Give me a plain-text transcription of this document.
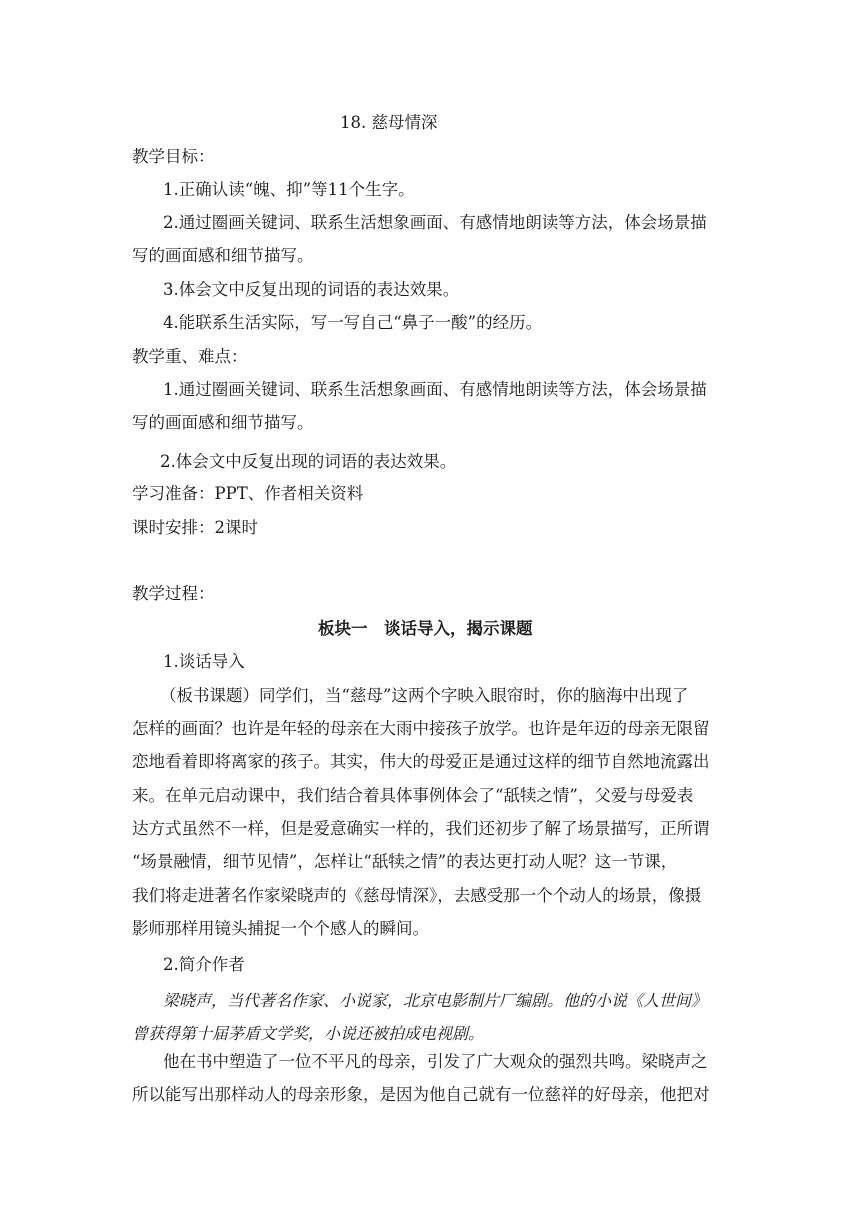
18. 慈母情深

教学目标：

1.正确认读“魄、抑”等11个生字。

2.通过圈画关键词、联系生活想象画面、有感情地朗读等方法，体会场景描

写的画面感和细节描写。

3.体会文中反复出现的词语的表达效果。

4.能联系生活实际，写一写自己“鼻子一酸”的经历。

教学重、难点：

1.通过圈画关键词、联系生活想象画面、有感情地朗读等方法，体会场景描

写的画面感和细节描写。

2.体会文中反复出现的词语的表达效果。

学习准备：PPT、作者相关资料

课时安排：2课时

教学过程：

板块一　谈话导入，揭示课题

1.谈话导入

（板书课题）同学们，当“慈母”这两个字映入眼帘时，你的脑海中出现了

怎样的画面？也许是年轻的母亲在大雨中接孩子放学。也许是年迈的母亲无限留

恋地看着即将离家的孩子。其实，伟大的母爱正是通过这样的细节自然地流露出

来。在单元启动课中，我们结合着具体事例体会了“舐犊之情”，父爱与母爱表

达方式虽然不一样，但是爱意确实一样的，我们还初步了解了场景描写，正所谓

“场景融情，细节见情”，怎样让“舐犊之情”的表达更打动人呢？这一节课，

我们将走进著名作家梁晓声的《慈母情深》，去感受那一个个动人的场景，像摄

影师那样用镜头捕捉一个个感人的瞬间。

2.简介作者

梁晓声，当代著名作家、小说家，北京电影制片厂编剧。他的小说《人世间》

曾获得第十届茅盾文学奖，小说还被拍成电视剧。

他在书中塑造了一位不平凡的母亲，引发了广大观众的强烈共鸣。梁晓声之

所以能写出那样动人的母亲形象，是因为他自己就有一位慈祥的好母亲，他把对
